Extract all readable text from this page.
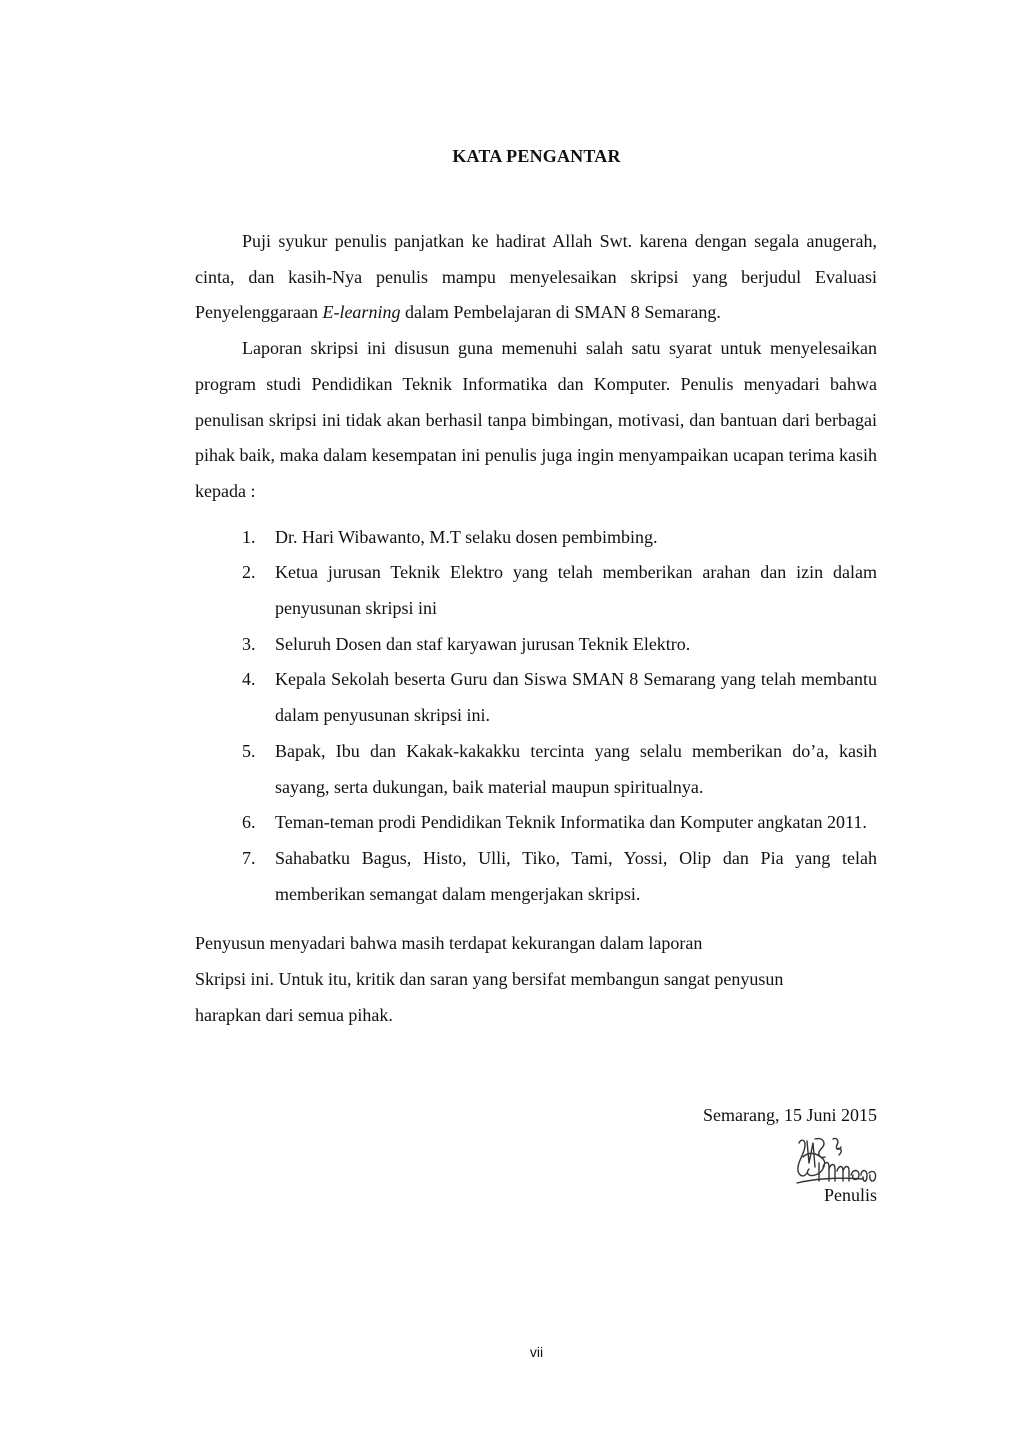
KATA PENGANTAR

Puji syukur penulis panjatkan ke hadirat Allah Swt. karena dengan segala anugerah, cinta, dan kasih-Nya penulis mampu menyelesaikan skripsi yang berjudul Evaluasi Penyelenggaraan E-learning dalam Pembelajaran di SMAN 8 Semarang.

Laporan skripsi ini disusun guna memenuhi salah satu syarat untuk menyelesaikan program studi Pendidikan Teknik Informatika dan Komputer. Penulis menyadari bahwa penulisan skripsi ini tidak akan berhasil tanpa bimbingan, motivasi, dan bantuan dari berbagai pihak baik, maka dalam kesempatan ini penulis juga ingin menyampaikan ucapan terima kasih kepada :

1.	Dr. Hari Wibawanto, M.T selaku dosen pembimbing.
2.	Ketua jurusan Teknik Elektro yang telah memberikan arahan dan izin dalam penyusunan skripsi ini
3.	Seluruh Dosen dan staf karyawan jurusan Teknik Elektro.
4.	Kepala Sekolah beserta Guru dan Siswa SMAN 8 Semarang yang telah membantu dalam penyusunan skripsi ini.
5.	Bapak, Ibu dan Kakak-kakakku tercinta yang selalu memberikan do’a, kasih sayang, serta dukungan, baik material maupun spiritualnya.
6.	Teman-teman prodi Pendidikan Teknik Informatika dan Komputer angkatan 2011.
7.	Sahabatku Bagus, Histo, Ulli, Tiko, Tami, Yossi, Olip dan Pia yang telah memberikan semangat dalam mengerjakan skripsi.
Penyusun menyadari bahwa masih terdapat kekurangan dalam laporan
Skripsi ini. Untuk itu, kritik dan saran yang bersifat membangun sangat penyusun
harapkan dari semua pihak.
Semarang, 15 Juni 2015
Penulis
vii
